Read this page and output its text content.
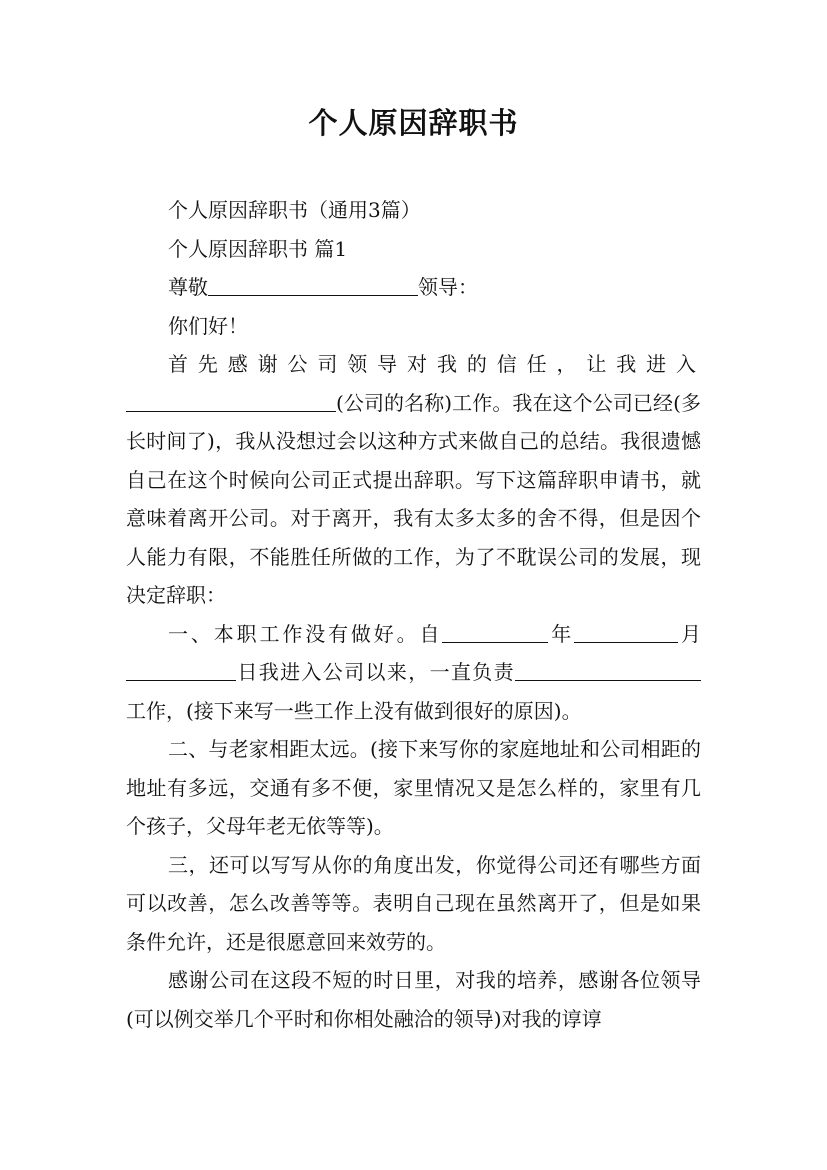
个人原因辞职书

个人原因辞职书（通用3篇）

个人原因辞职书 篇1

尊敬	领导：

你们好！

首先感谢公司领导对我的信任，让我进入(公司的名称)工作。我在这个公司已经(多长时间了)，我从没想过会以这种方式来做自己的总结。我很遗憾自己在这个时候向公司正式提出辞职。写下这篇辞职申请书，就意味着离开公司。对于离开，我有太多太多的舍不得，但是因个人能力有限，不能胜任所做的工作，为了不耽误公司的发展，现决定辞职：

一、本职工作没有做好。自	年	月日我进入公司以来，一直负责工作，(接下来写一些工作上没有做到很好的原因)。

二、与老家相距太远。(接下来写你的家庭地址和公司相距的地址有多远，交通有多不便，家里情况又是怎么样的，家里有几个孩子，父母年老无依等等)。

三，还可以写写从你的角度出发，你觉得公司还有哪些方面可以改善，怎么改善等等。表明自己现在虽然离开了，但是如果条件允许，还是很愿意回来效劳的。

感谢公司在这段不短的时日里，对我的培养，感谢各位领导(可以例交举几个平时和你相处融洽的领导)对我的谆谆
